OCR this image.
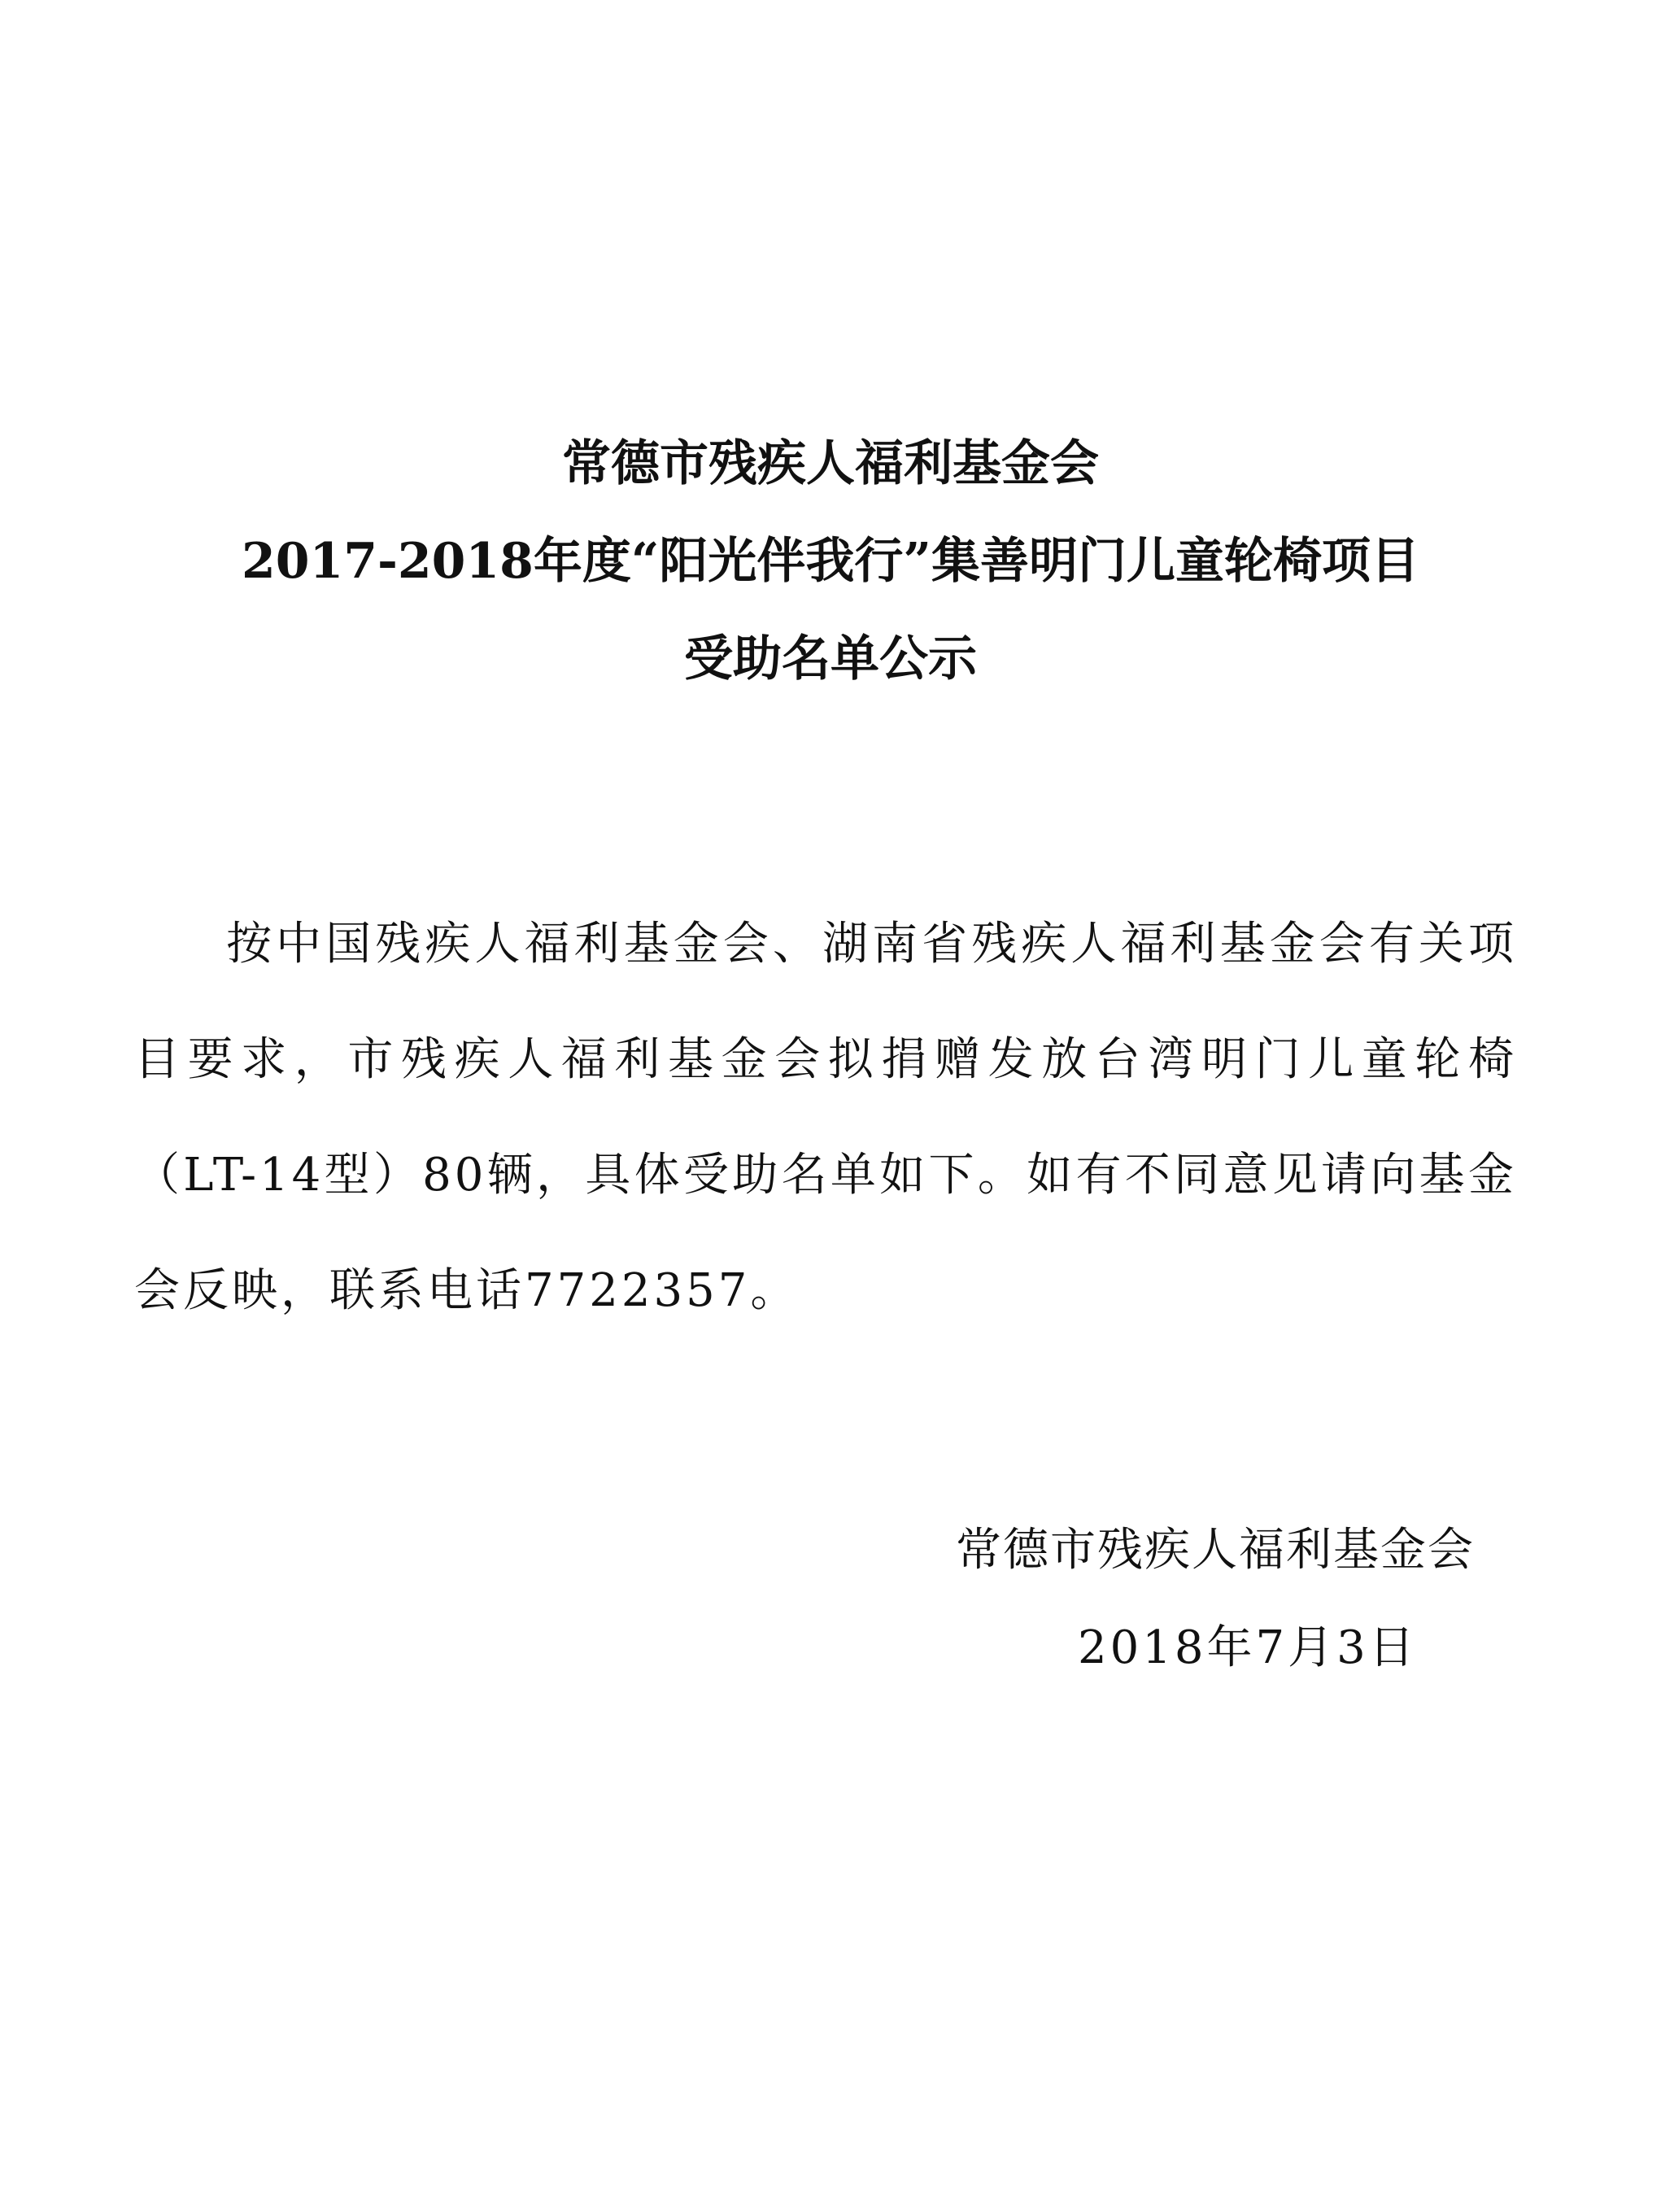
常德市残疾人福利基金会
2017-2018年度“阳光伴我行”集善明门儿童轮椅项目
受助名单公示
按中国残疾人福利基金会、湖南省残疾人福利基金会有关项目要求，市残疾人福利基金会拟捐赠发放台湾明门儿童轮椅（LT-14型）80辆，具体受助名单如下。如有不同意见请向基金会反映，联系电话7722357。
常德市残疾人福利基金会
2018年7月3日
